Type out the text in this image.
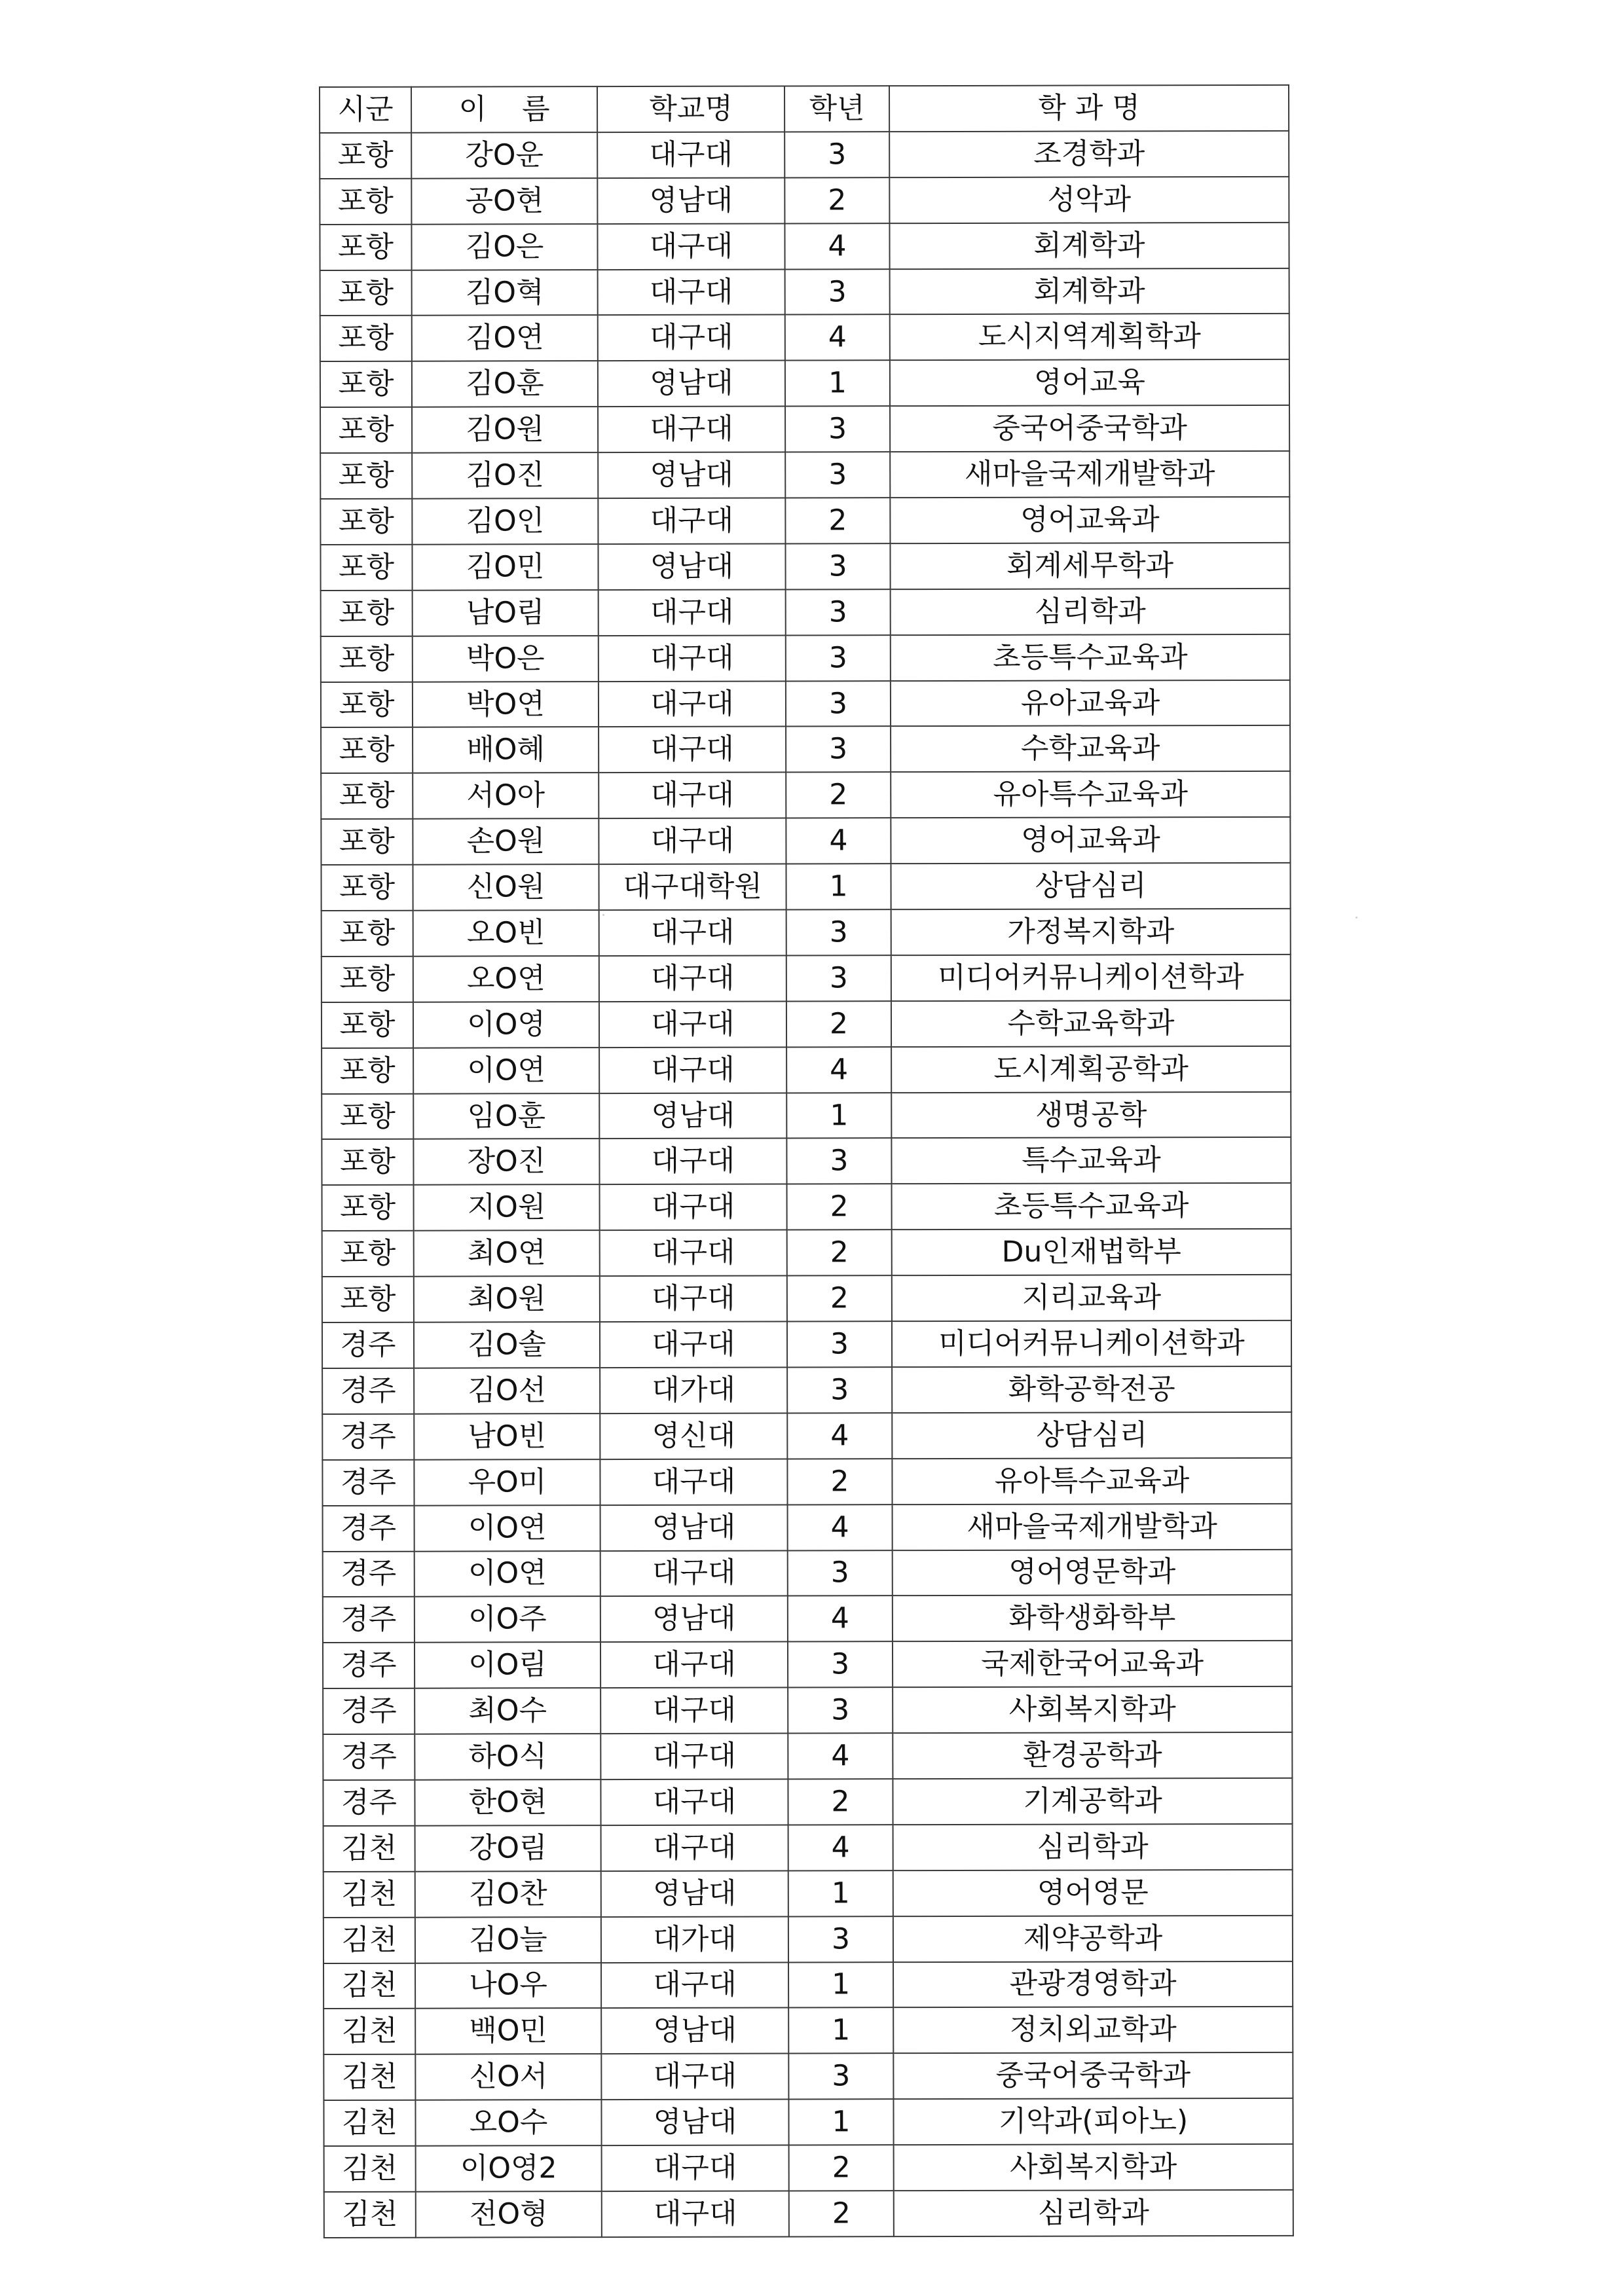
시군	이 름	학교명	학년	학 과 명
포항	강O운	대구대	3	조경학과
포항	공O현	영남대	2	성악과
포항	김O은	대구대	4	회계학과
포항	김O혁	대구대	3	회계학과
포항	김O연	대구대	4	도시지역계획학과
포항	김O훈	영남대	1	영어교육
포항	김O원	대구대	3	중국어중국학과
포항	김O진	영남대	3	새마을국제개발학과
포항	김O인	대구대	2	영어교육과
포항	김O민	영남대	3	회계세무학과
포항	남O림	대구대	3	심리학과
포항	박O은	대구대	3	초등특수교육과
포항	박O연	대구대	3	유아교육과
포항	배O혜	대구대	3	수학교육과
포항	서O아	대구대	2	유아특수교육과
포항	손O원	대구대	4	영어교육과
포항	신O원	대구대학원	1	상담심리
포항	오O빈	대구대	3	가정복지학과
포항	오O연	대구대	3	미디어커뮤니케이션학과
포항	이O영	대구대	2	수학교육학과
포항	이O연	대구대	4	도시계획공학과
포항	임O훈	영남대	1	생명공학
포항	장O진	대구대	3	특수교육과
포항	지O원	대구대	2	초등특수교육과
포항	최O연	대구대	2	Du인재법학부
포항	최O원	대구대	2	지리교육과
경주	김O솔	대구대	3	미디어커뮤니케이션학과
경주	김O선	대가대	3	화학공학전공
경주	남O빈	영신대	4	상담심리
경주	우O미	대구대	2	유아특수교육과
경주	이O연	영남대	4	새마을국제개발학과
경주	이O연	대구대	3	영어영문학과
경주	이O주	영남대	4	화학생화학부
경주	이O림	대구대	3	국제한국어교육과
경주	최O수	대구대	3	사회복지학과
경주	하O식	대구대	4	환경공학과
경주	한O현	대구대	2	기계공학과
김천	강O림	대구대	4	심리학과
김천	김O찬	영남대	1	영어영문
김천	김O늘	대가대	3	제약공학과
김천	나O우	대구대	1	관광경영학과
김천	백O민	영남대	1	정치외교학과
김천	신O서	대구대	3	중국어중국학과
김천	오O수	영남대	1	기악과(피아노)
김천	이O영2	대구대	2	사회복지학과
김천	전O형	대구대	2	심리학과
